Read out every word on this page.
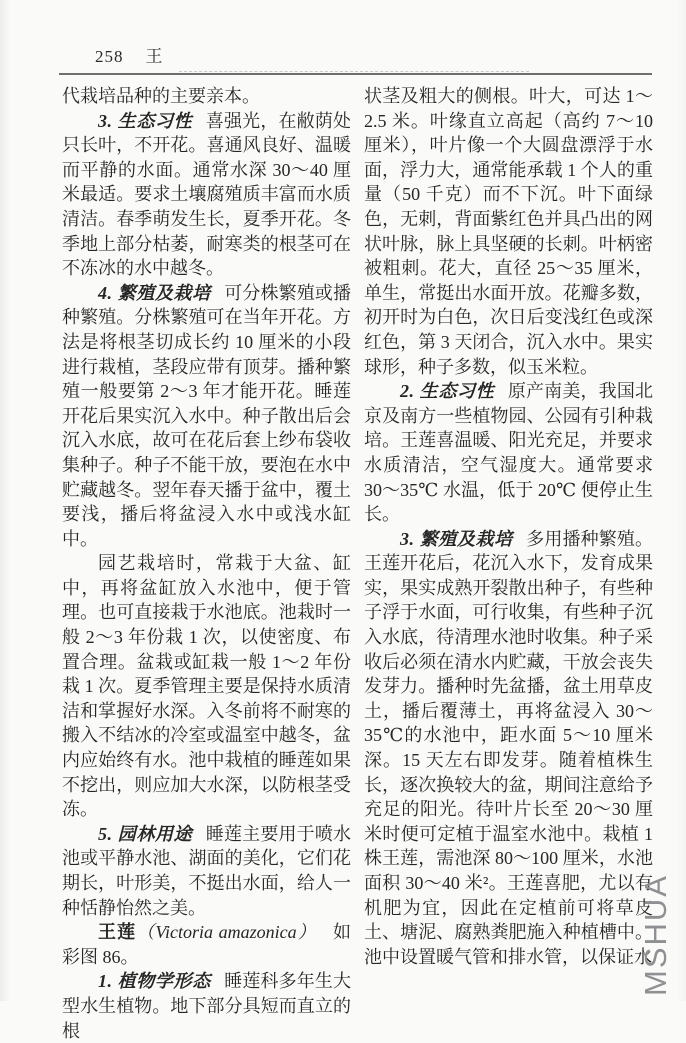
258 王

代栽培品种的主要亲本。

3. 生态习性 喜强光，在敝荫处只长叶，不开花。喜通风良好、温暖而平静的水面。通常水深 30～40 厘米最适。要求土壤腐殖质丰富而水质清洁。春季萌发生长，夏季开花。冬季地上部分枯萎，耐寒类的根茎可在不冻冰的水中越冬。

4. 繁殖及栽培 可分株繁殖或播种繁殖。分株繁殖可在当年开花。方法是将根茎切成长约 10 厘米的小段进行栽植，茎段应带有顶芽。播种繁殖一般要第 2～3 年才能开花。睡莲开花后果实沉入水中。种子散出后会沉入水底，故可在花后套上纱布袋收集种子。种子不能干放，要泡在水中贮藏越冬。翌年春天播于盆中，覆土要浅，播后将盆浸入水中或浅水缸中。

园艺栽培时，常栽于大盆、缸中，再将盆缸放入水池中，便于管理。也可直接栽于水池底。池栽时一般 2～3 年份栽 1 次，以使密度、布置合理。盆栽或缸栽一般 1～2 年份栽 1 次。夏季管理主要是保持水质清洁和掌握好水深。入冬前将不耐寒的搬入不结冰的冷室或温室中越冬，盆内应始终有水。池中栽植的睡莲如果不挖出，则应加大水深，以防根茎受冻。

5. 园林用途 睡莲主要用于喷水池或平静水池、湖面的美化，它们花期长，叶形美，不挺出水面，给人一种恬静怡然之美。

王莲（Victoria amazonica） 如彩图 86。

1. 植物学形态 睡莲科多年生大型水生植物。地下部分具短而直立的根

状茎及粗大的侧根。叶大，可达 1～2.5 米。叶缘直立高起（高约 7～10 厘米），叶片像一个大圆盘漂浮于水面，浮力大，通常能承载 1 个人的重量（50 千克）而不下沉。叶下面绿色，无刺，背面紫红色并具凸出的网状叶脉，脉上具坚硬的长刺。叶柄密被粗刺。花大，直径 25～35 厘米，单生，常挺出水面开放。花瓣多数，初开时为白色，次日后变浅红色或深红色，第 3 天闭合，沉入水中。果实球形，种子多数，似玉米粒。

2. 生态习性 原产南美，我国北京及南方一些植物园、公园有引种栽培。王莲喜温暖、阳光充足，并要求水质清洁，空气湿度大。通常要求 30～35℃ 水温，低于 20℃ 便停止生长。

3. 繁殖及栽培 多用播种繁殖。王莲开花后，花沉入水下，发育成果实，果实成熟开裂散出种子，有些种子浮于水面，可行收集，有些种子沉入水底，待清理水池时收集。种子采收后必须在清水内贮藏，干放会丧失发芽力。播种时先盆播，盆土用草皮土，播后覆薄土，再将盆浸入 30～35℃的水池中，距水面 5～10 厘米深。15 天左右即发芽。随着植株生长，逐次换较大的盆，期间注意给予充足的阳光。待叶片长至 20～30 厘米时便可定植于温室水池中。栽植 1 株王莲，需池深 80～100 厘米，水池面积 30～40 米²。王莲喜肥，尤以有机肥为宜，因此在定植前可将草皮土、塘泥、腐熟粪肥施入种植槽中。池中设置暖气管和排水管，以保证水

MSHUA
